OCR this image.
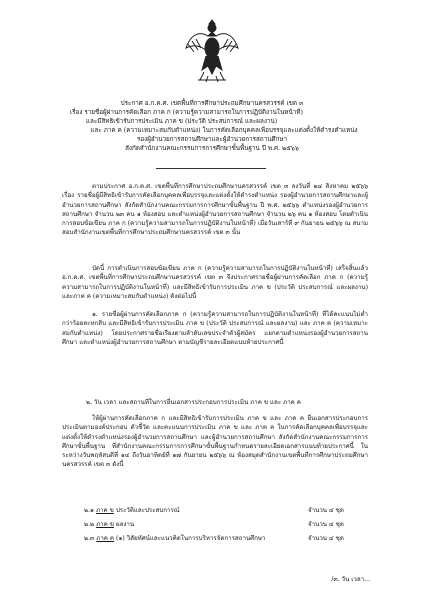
ประกาศ อ.ก.ค.ศ. เขตพื้นที่การศึกษาประถมศึกษานครสวรรค์ เขต ๓
เรื่อง รายชื่อผู้ผ่านการคัดเลือก ภาค ก (ความรู้ความสามารถในการปฏิบัติงานในหน้าที่)
และมีสิทธิเข้ารับการประเมิน ภาค ข (ประวัติ ประสบการณ์ และผลงาน)
และ ภาค ค (ความเหมาะสมกับตำแหน่ง) ในการคัดเลือกบุคคลเพื่อบรรจุและแต่งตั้งให้ดำรงตำแหน่ง
รองผู้อำนวยการสถานศึกษาและผู้อำนวยการสถานศึกษา
สังกัดสำนักงานคณะกรรมการการศึกษาขั้นพื้นฐาน ปี พ.ศ. ๒๕๖๖
ตามประกาศ อ.ก.ค.ศ. เขตพื้นที่การศึกษาประถมศึกษานครสวรรค์ เขต ๓ ลงวันที่ ๒๔ สิงหาคม ๒๕๖๖ เรื่อง รายชื่อผู้มีสิทธิเข้ารับการคัดเลือกบุคคลเพื่อบรรจุและแต่งตั้งให้ดำรงตำแหน่ง รองผู้อำนวยการสถานศึกษาและผู้อำนวยการสถานศึกษา สังกัดสำนักงานคณะกรรมการการศึกษาขั้นพื้นฐาน ปี พ.ศ. ๒๕๖๖ ตำแหน่งรองผู้อำนวยการสถานศึกษา จำนวน ๒๓ คน ๑ ห้องสอบ และตำแหน่งผู้อำนวยการสถานศึกษา จำนวน ๒๖ คน ๑ ห้องสอบ โดยดำเนินการสอบข้อเขียน ภาค ก (ความรู้ความสามารถในการปฏิบัติงานในหน้าที่) เมื่อวันเสาร์ที่ ๙ กันยายน ๒๕๖๖ ณ สนามสอบสำนักงานเขตพื้นที่การศึกษาประถมศึกษานครสวรรค์ เขต ๓ นั้น
บัดนี้ การดำเนินการสอบข้อเขียน ภาค ก (ความรู้ความสามารถในการปฏิบัติงานในหน้าที่) เสร็จสิ้นแล้ว อ.ก.ค.ศ. เขตพื้นที่การศึกษาประถมศึกษานครสวรรค์ เขต ๓ จึงประกาศรายชื่อผู้ผ่านการคัดเลือก ภาค ก (ความรู้ความสามารถในการปฏิบัติงานในหน้าที่) และมีสิทธิเข้ารับการประเมิน ภาค ข (ประวัติ ประสบการณ์ และผลงาน) และภาค ค (ความเหมาะสมกับตำแหน่ง) ดังต่อไปนี้
๑. รายชื่อผู้ผ่านการคัดเลือกภาค ก (ความรู้ความสามารถในการปฏิบัติงานในหน้าที่) ที่ได้คะแนนไม่ต่ำกว่าร้อยละหกสิบ และมีสิทธิเข้ารับการประเมิน ภาค ข (ประวัติ ประสบการณ์ และผลงาน) และ ภาค ค (ความเหมาะสมกับตำแหน่ง) โดยประกาศรายชื่อเรียงตามลำดับเลขประจำตัวผู้สมัคร แยกตามตำแหน่งรองผู้อำนวยการสถานศึกษา และตำแหน่งผู้อำนวยการสถานศึกษา ตามบัญชีรายละเอียดแนบท้ายประกาศนี้
๒. วัน เวลา และสถานที่ในการยื่นเอกสารประกอบการประเมิน ภาค ข และ ภาค ค
ให้ผู้ผ่านการคัดเลือกภาค ก และมีสิทธิเข้ารับการประเมิน ภาค ข และ ภาค ค ยื่นเอกสารประกอบการประเมินตามองค์ประกอบ ตัวชี้วัด และคะแนนการประเมิน ภาค ข และ ภาค ค ในการคัดเลือกบุคคลเพื่อบรรจุและแต่งตั้งให้ดำรงตำแหน่งรองผู้อำนวยการสถานศึกษา และผู้อำนวยการสถานศึกษา สังกัดสำนักงานคณะกรรมการการศึกษาขั้นพื้นฐาน ที่สำนักงานคณะกรรมการการศึกษาขั้นพื้นฐานกำหนดรายละเอียดเอกสารแนบท้ายประกาศนี้ ในระหว่างวันพฤหัสบดีที่ ๑๔ ถึงวันอาทิตย์ที่ ๑๗ กันยายน ๒๕๖๖ ณ ห้องสมุดสำนักงานเขตพื้นที่การศึกษาประถมศึกษานครสวรรค์ เขต ๓ ดังนี้
๒.๑ ภาค ข ประวัติและประสบการณ์	จำนวน ๔ ชุด
๒.๒ ภาค ข ผลงาน	จำนวน ๔ ชุด
๒.๓ ภาค ค (๑) วิสัยทัศน์และแนวคิดในการบริหารจัดการสถานศึกษา	จำนวน ๔ ชุด
/๓. วัน เวลา...
